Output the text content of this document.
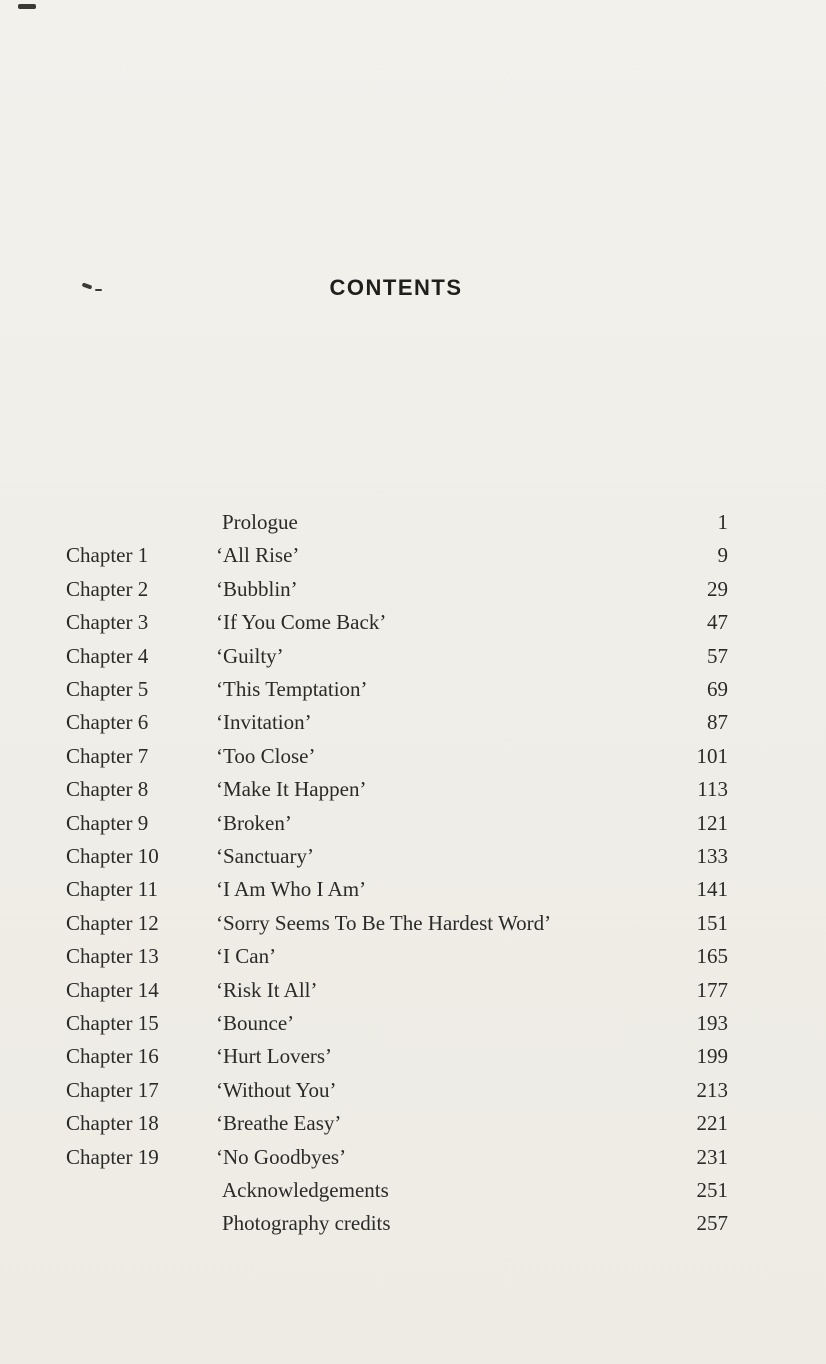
CONTENTS
Prologue	1
Chapter 1	‘All Rise’	9
Chapter 2	‘Bubblin’	29
Chapter 3	‘If You Come Back’	47
Chapter 4	‘Guilty’	57
Chapter 5	‘This Temptation’	69
Chapter 6	‘Invitation’	87
Chapter 7	‘Too Close’	101
Chapter 8	‘Make It Happen’	113
Chapter 9	‘Broken’	121
Chapter 10	‘Sanctuary’	133
Chapter 11	‘I Am Who I Am’	141
Chapter 12	‘Sorry Seems To Be The Hardest Word’	151
Chapter 13	‘I Can’	165
Chapter 14	‘Risk It All’	177
Chapter 15	‘Bounce’	193
Chapter 16	‘Hurt Lovers’	199
Chapter 17	‘Without You’	213
Chapter 18	‘Breathe Easy’	221
Chapter 19	‘No Goodbyes’	231
Acknowledgements	251
Photography credits	257
